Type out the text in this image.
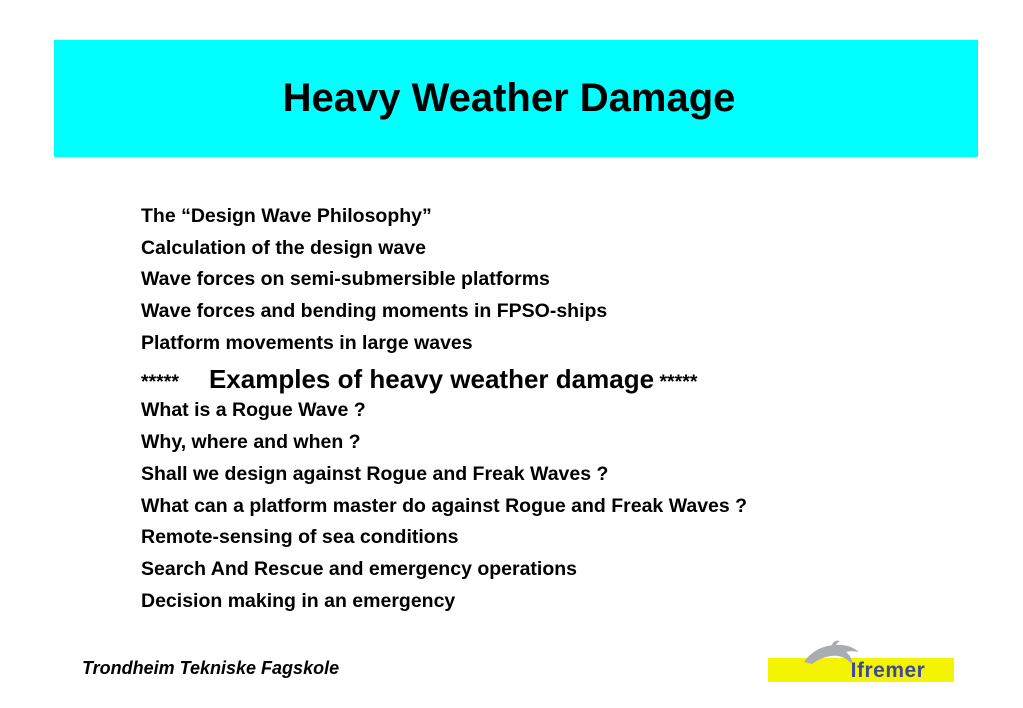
Heavy Weather Damage
The “Design Wave Philosophy”
Calculation of the design wave
Wave forces on semi-submersible platforms
Wave forces and bending moments in FPSO-ships
Platform movements in large waves
***** Examples of heavy weather damage *****
What is a Rogue Wave ?
Why, where and when ?
Shall we design against Rogue and Freak Waves ?
What can a platform master do against Rogue and Freak Waves ?
Remote-sensing of sea conditions
Search And Rescue and emergency operations
Decision making in an emergency
Trondheim Tekniske Fagskole	Ifremer
